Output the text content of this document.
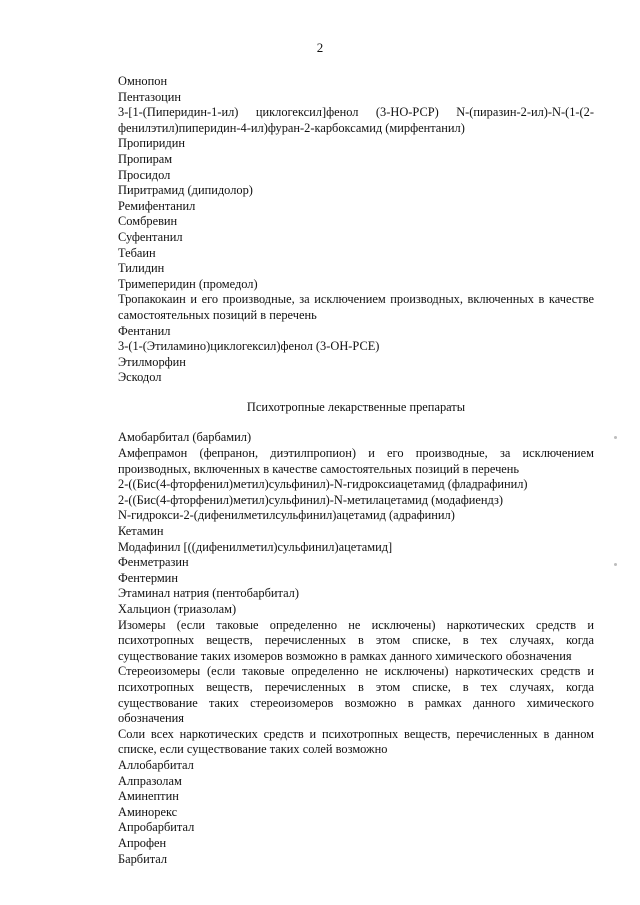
2

Омнопон

Пентазоцин

3-[1-(Пиперидин-1-ил) циклогексил]фенол (3-НО-РСР) N-(пиразин-2-ил)-N-(1-(2-фенилэтил)пиперидин-4-ил)фуран-2-карбоксамид (мирфентанил)

Пропиридин

Пропирам

Просидол

Пиритрамид (дипидолор)

Ремифентанил

Сомбревин

Суфентанил

Тебаин

Тилидин

Тримеперидин (промедол)

Тропакокаин и его производные, за исключением производных, включенных в качестве самостоятельных позиций в перечень

Фентанил

3-(1-(Этиламино)циклогексил)фенол (3-ОН-РСЕ)

Этилморфин

Эскодол

Психотропные лекарственные препараты

Амобарбитал (барбамил)

Амфепрамон (фепранон, диэтилпропион) и его производные, за исключением производных, включенных в качестве самостоятельных позиций в перечень

2-((Бис(4-фторфенил)метил)сульфинил)-N-гидроксиацетамид (фладрафинил)

2-((Бис(4-фторфенил)метил)сульфинил)-N-метилацетамид (модафиендз)

N-гидрокси-2-(дифенилметилсульфинил)ацетамид (адрафинил)

Кетамин

Модафинил [((дифенилметил)сульфинил)ацетамид]

Фенметразин

Фентермин

Этаминал натрия (пентобарбитал)

Хальцион (триазолам)

Изомеры (если таковые определенно не исключены) наркотических средств и психотропных веществ, перечисленных в этом списке, в тех случаях, когда существование таких изомеров возможно в рамках данного химического обозначения

Стереоизомеры (если таковые определенно не исключены) наркотических средств и психотропных веществ, перечисленных в этом списке, в тех случаях, когда существование таких стереоизомеров возможно в рамках данного химического обозначения

Соли всех наркотических средств и психотропных веществ, перечисленных в данном списке, если существование таких солей возможно

Аллобарбитал

Алпразолам

Аминептин

Аминорекс

Апробарбитал

Апрофен

Барбитал
